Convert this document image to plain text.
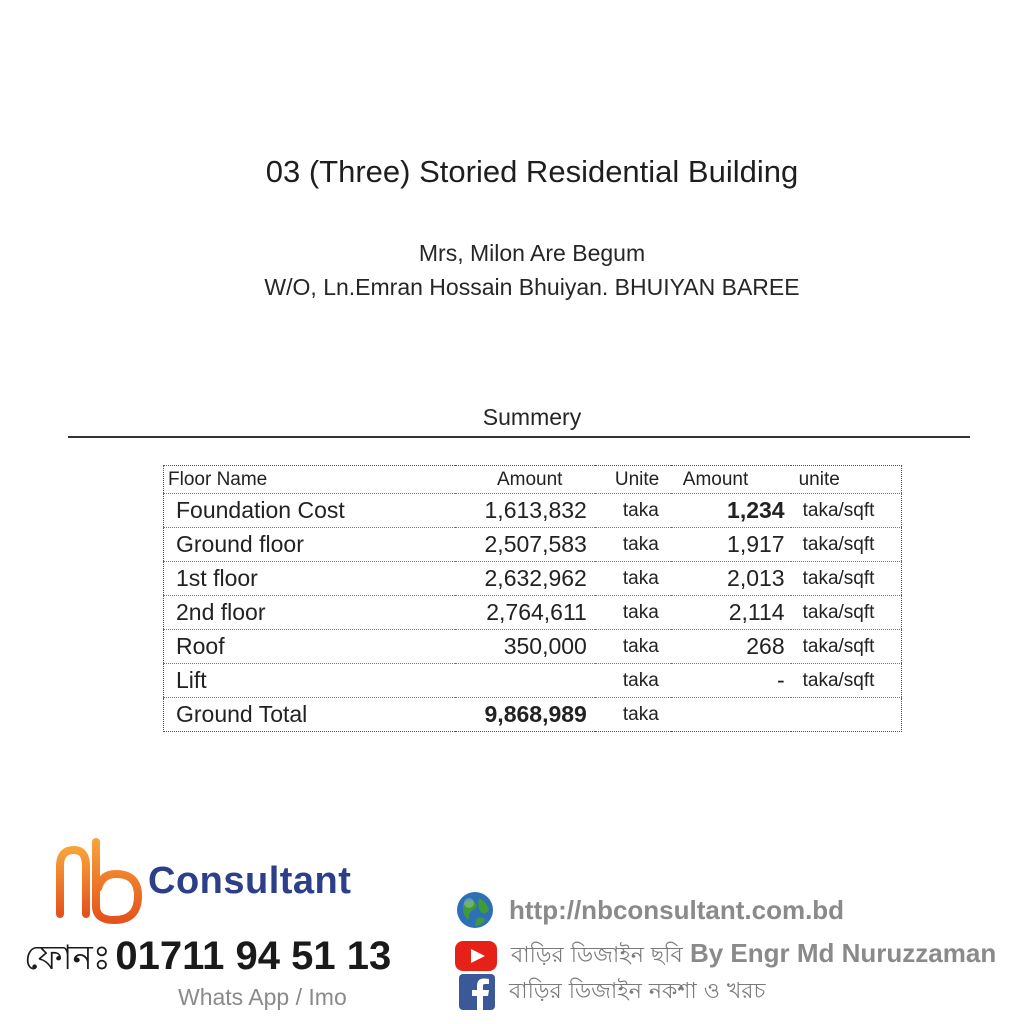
03 (Three) Storied Residential Building
Mrs, Milon Are Begum
W/O, Ln.Emran Hossain Bhuiyan. BHUIYAN BAREE
Summery
Floor Name	Amount	Unite	Amount	unite
Foundation Cost	1,613,832	taka	1,234	taka/sqft
Ground floor	2,507,583	taka	1,917	taka/sqft
1st floor	2,632,962	taka	2,013	taka/sqft
2nd floor	2,764,611	taka	2,114	taka/sqft
Roof	350,000	taka	268	taka/sqft
Lift		taka	-	taka/sqft
Ground Total	9,868,989	taka		
Consultant
ফোনঃ 01711 94 51 13
Whats App / Imo
http://nbconsultant.com.bd
বাড়ির ডিজাইন ছবি By Engr Md Nuruzzaman
বাড়ির ডিজাইন নকশা ও খরচ
